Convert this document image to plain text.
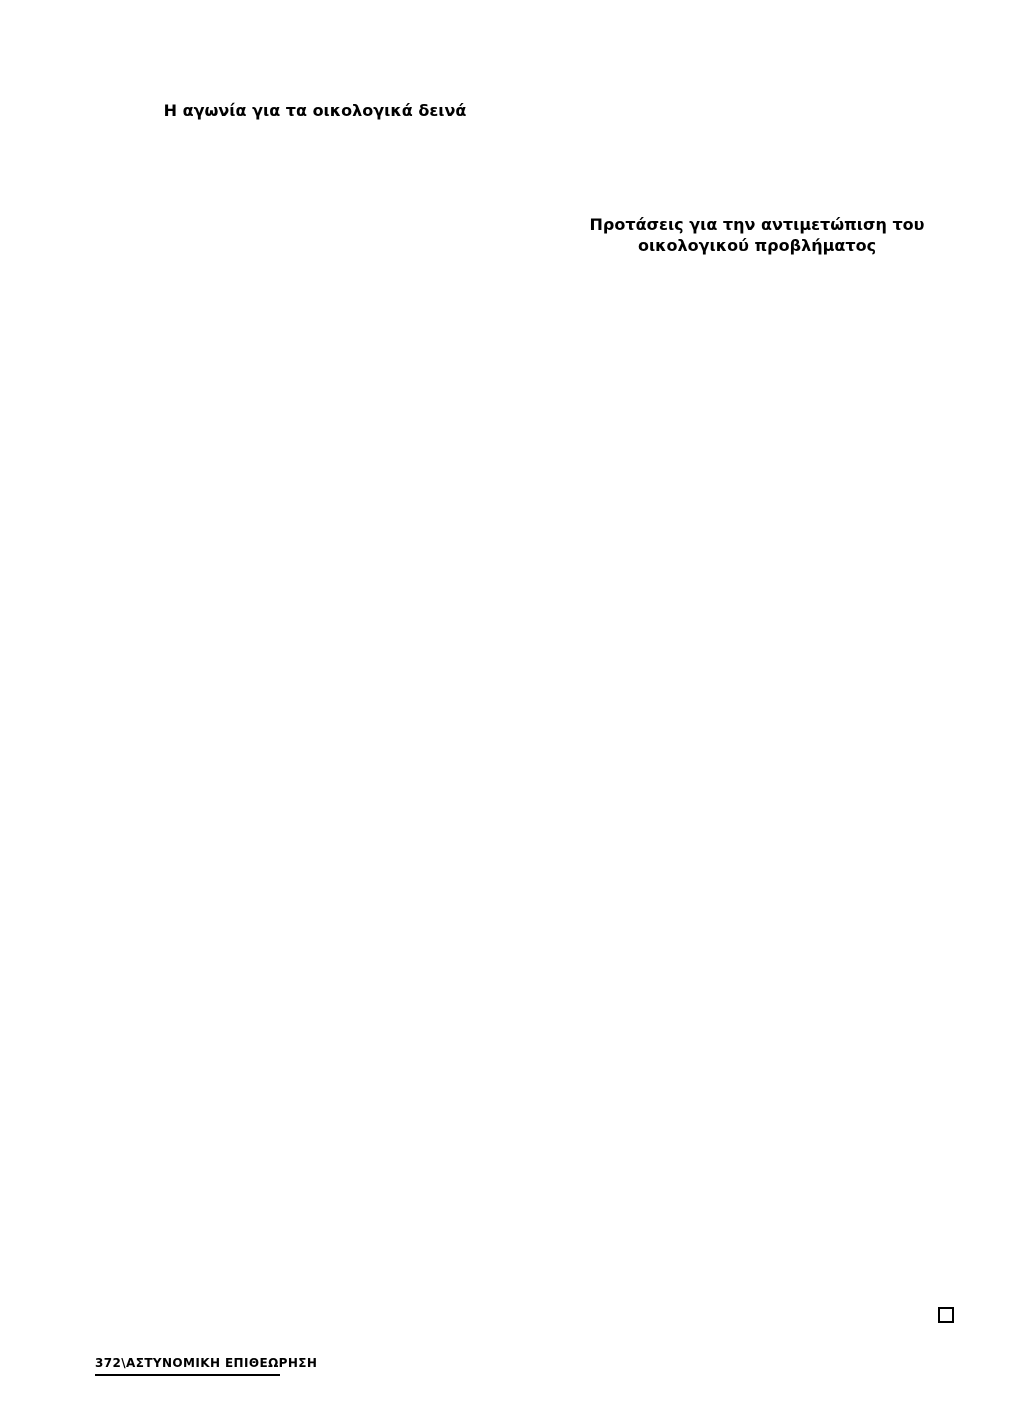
Η αγωνία για τα οικολογικά δεινά
Προτάσεις για την αντιμετώπιση του οικολογικού προβλήματος
372\ΑΣΤΥΝΟΜΙΚΗ ΕΠΙΘΕΩΡΗΣΗ
